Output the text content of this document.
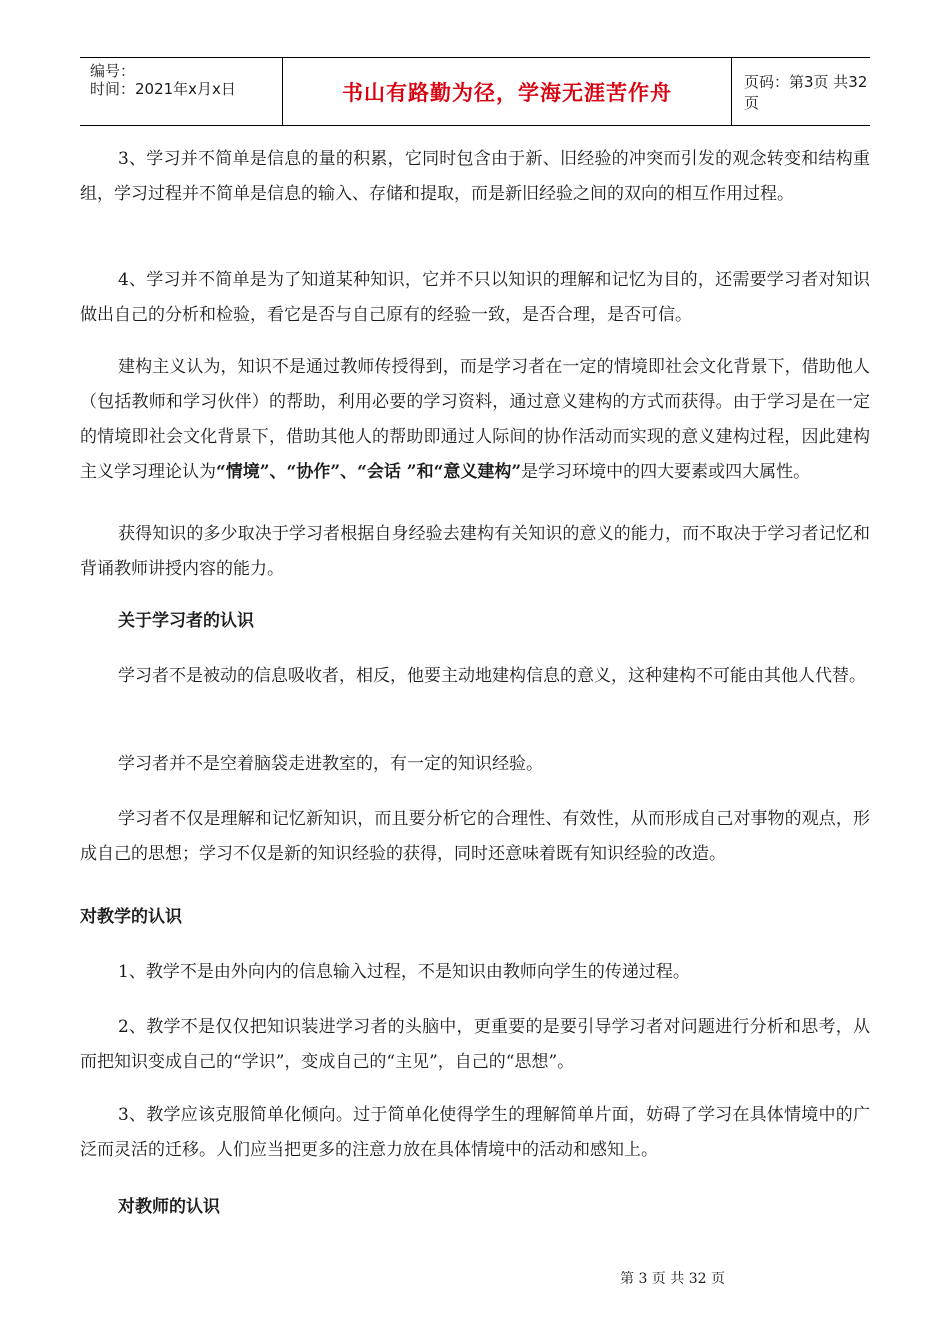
编号：
时间：2021年x月x日	书山有路勤为径，学海无涯苦作舟	页码：第3页 共32页

3、学习并不简单是信息的量的积累，它同时包含由于新、旧经验的冲突而引发的观念转变和结构重组，学习过程并不简单是信息的输入、存储和提取，而是新旧经验之间的双向的相互作用过程。

4、学习并不简单是为了知道某种知识，它并不只以知识的理解和记忆为目的，还需要学习者对知识做出自己的分析和检验，看它是否与自己原有的经验一致，是否合理，是否可信。

建构主义认为，知识不是通过教师传授得到，而是学习者在一定的情境即社会文化背景下，借助他人（包括教师和学习伙伴）的帮助，利用必要的学习资料，通过意义建构的方式而获得。由于学习是在一定的情境即社会文化背景下，借助其他人的帮助即通过人际间的协作活动而实现的意义建构过程，因此建构主义学习理论认为“情境”、“协作”、“会话 ”和“意义建构”是学习环境中的四大要素或四大属性。

获得知识的多少取决于学习者根据自身经验去建构有关知识的意义的能力，而不取决于学习者记忆和背诵教师讲授内容的能力。

关于学习者的认识

学习者不是被动的信息吸收者，相反，他要主动地建构信息的意义，这种建构不可能由其他人代替。

学习者并不是空着脑袋走进教室的，有一定的知识经验。

学习者不仅是理解和记忆新知识，而且要分析它的合理性、有效性，从而形成自己对事物的观点，形成自己的思想；学习不仅是新的知识经验的获得，同时还意味着既有知识经验的改造。

对教学的认识

1、教学不是由外向内的信息输入过程，不是知识由教师向学生的传递过程。

2、教学不是仅仅把知识装进学习者的头脑中，更重要的是要引导学习者对问题进行分析和思考，从而把知识变成自己的“学识”，变成自己的“主见”，自己的“思想”。

3、教学应该克服简单化倾向。过于简单化使得学生的理解简单片面，妨碍了学习在具体情境中的广泛而灵活的迁移。人们应当把更多的注意力放在具体情境中的活动和感知上。

对教师的认识

第 3 页 共 32 页
